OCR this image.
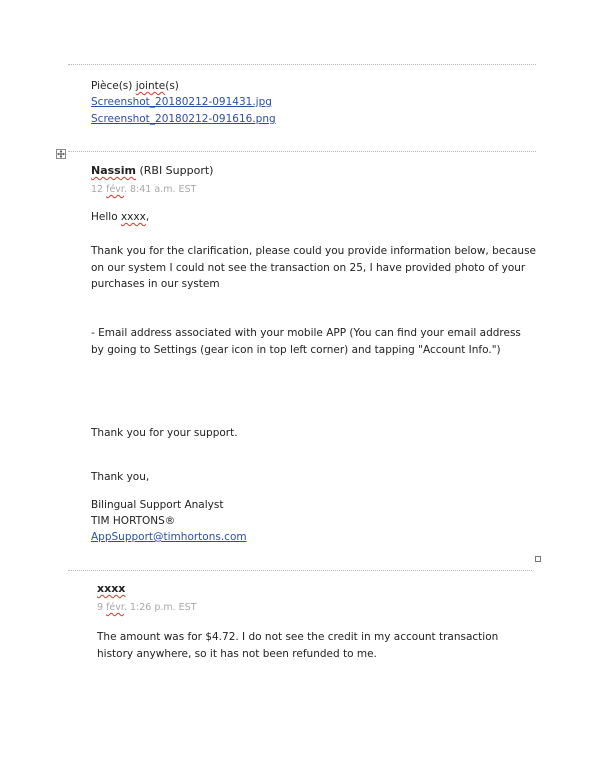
Pièce(s) jointe(s)
Screenshot_20180212-091431.jpg
Screenshot_20180212-091616.png
Nassim (RBI Support)
12 févr. 8:41 a.m. EST
Hello xxxx,
Thank you for the clarification, please could you provide information below, because on our system I could not see the transaction on 25, I have provided photo of your purchases in our system
- Email address associated with your mobile APP (You can find your email address by going to Settings (gear icon in top left corner) and tapping "Account Info.")
Thank you for your support.
Thank you,
Bilingual Support Analyst
TIM HORTONS®
AppSupport@timhortons.com
xxxx
9 févr. 1:26 p.m. EST
The amount was for $4.72. I do not see the credit in my account transaction history anywhere, so it has not been refunded to me.
